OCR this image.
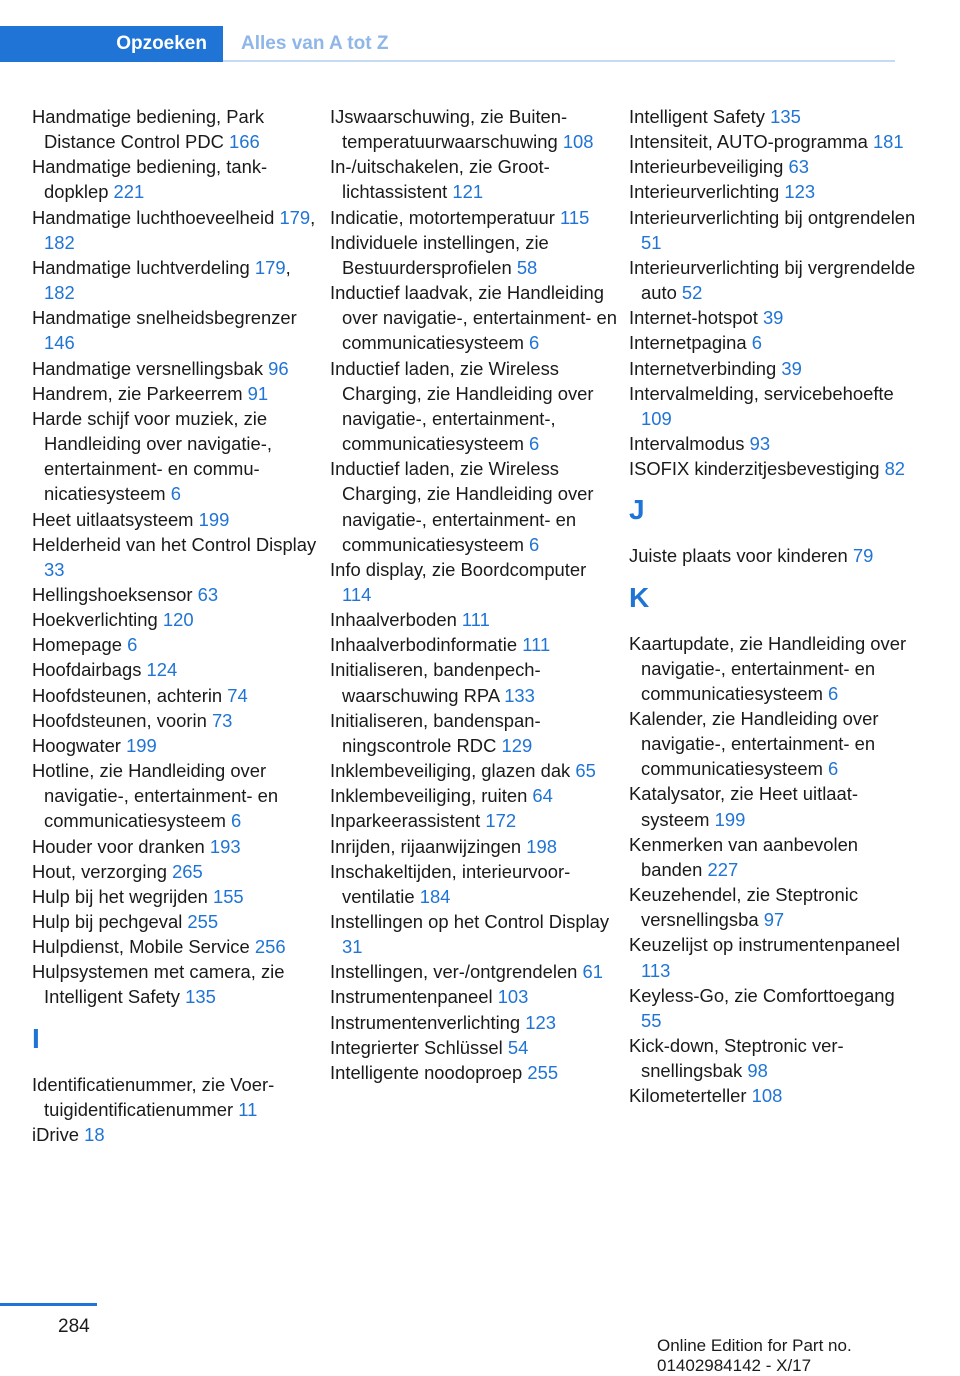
Opzoeken Alles van A tot Z
Handmatige bediening, Park Distance Control PDC 166
Handmatige bediening, tankdopklep 221
Handmatige luchthoeveelheid 179, 182
Handmatige luchtverdeling 179, 182
Handmatige snelheidsbegrenzer 146
Handmatige versnellingsbak 96
Handrem, zie Parkeerrem 91
Harde schijf voor muziek, zie Handleiding over navigatie-, entertainment- en communicatiesysteem 6
Heet uitlaatsysteem 199
Helderheid van het Control Display 33
Hellingshoeksensor 63
Hoekverlichting 120
Homepage 6
Hoofdairbags 124
Hoofdsteunen, achterin 74
Hoofdsteunen, voorin 73
Hoogwater 199
Hotline, zie Handleiding over navigatie-, entertainment- en communicatiesysteem 6
Houder voor dranken 193
Hout, verzorging 265
Hulp bij het wegrijden 155
Hulp bij pechgeval 255
Hulpdienst, Mobile Service 256
Hulpsystemen met camera, zie Intelligent Safety 135
I
Identificatienummer, zie Voertuigidentificatienummer 11
iDrive 18
IJswaarschuwing, zie Buitentemperatuurwaarschuwing 108
In-/uitschakelen, zie Grootlichtassistent 121
Indicatie, motortemperatuur 115
Individuele instellingen, zie Bestuurdersprofielen 58
Inductief laadvak, zie Handleiding over navigatie-, entertainment- en communicatiesysteem 6
Inductief laden, zie Wireless Charging, zie Handleiding over navigatie-, entertainment-, communicatiesysteem 6
Inductief laden, zie Wireless Charging, zie Handleiding over navigatie-, entertainment- en communicatiesysteem 6
Info display, zie Boordcomputer 114
Inhaalverboden 111
Inhaalverbodinformatie 111
Initialiseren, bandenpechwaarschuwing RPA 133
Initialiseren, bandenspanningscontrole RDC 129
Inklembeveiliging, glazen dak 65
Inklembeveiliging, ruiten 64
Inparkeerassistent 172
Inrijden, rijaanwijzingen 198
Inschakeltijden, interieurvoorventilatie 184
Instellingen op het Control Display 31
Instellingen, ver-/ontgrendelen 61
Instrumentenpaneel 103
Instrumentenverlichting 123
Integrierter Schlüssel 54
Intelligente noodoproep 255
Intelligent Safety 135
Intensiteit, AUTO-programma 181
Interieurbeveiliging 63
Interieurverlichting 123
Interieurverlichting bij ontgrendelen 51
Interieurverlichting bij vergrendelde auto 52
Internet-hotspot 39
Internetpagina 6
Internetverbinding 39
Intervalmelding, servicebehoefte 109
Intervalmodus 93
ISOFIX kinderzitjesbevestiging 82
J
Juiste plaats voor kinderen 79
K
Kaartupdate, zie Handleiding over navigatie-, entertainment- en communicatiesysteem 6
Kalender, zie Handleiding over navigatie-, entertainment- en communicatiesysteem 6
Katalysator, zie Heet uitlaatsysteem 199
Kenmerken van aanbevolen banden 227
Keuzehendel, zie Steptronic versnellingsba 97
Keuzelijst op instrumentenpaneel 113
Keyless-Go, zie Comforttoegang 55
Kick-down, Steptronic versnellingsbak 98
Kilometerteller 108
284
Online Edition for Part no. 01402984142 - X/17
